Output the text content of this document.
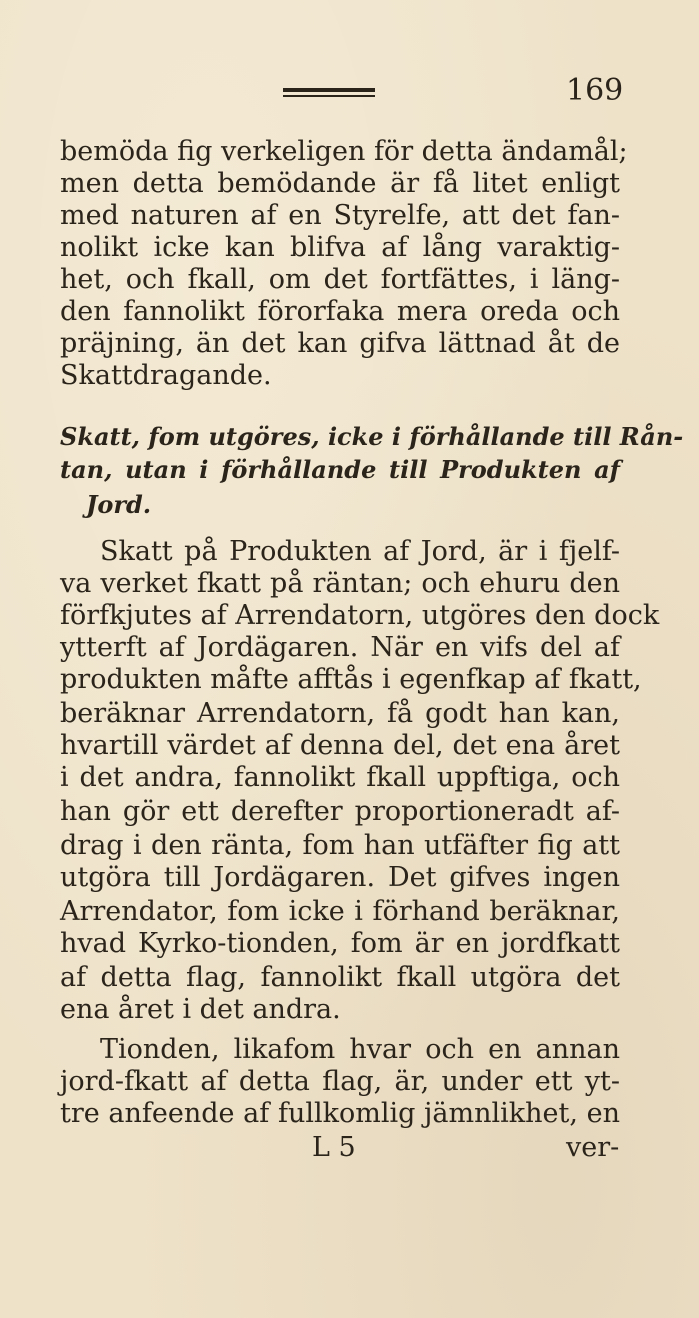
169
bemöda fig verkeligen för detta ändamål;
men detta bemödande är få litet enligt
med naturen af en Styrelfe, att det fan-
nolikt icke kan blifva af lång varaktig-
het, och fkall, om det fortfättes, i läng-
den fannolikt förorfaka mera oreda och
präjning, än det kan gifva lättnad åt de
Skattdragande.
Skatt, fom utgöres, icke i förhållande till Rån-
tan, utan i förhållande till Produkten af
Jord.
Skatt på Produkten af Jord, är i fjelf-
va verket fkatt på räntan; och ehuru den
förfkjutes af Arrendatorn, utgöres den dock
ytterft af Jordägaren. När en vifs del af
produkten måfte afftås i egenfkap af fkatt,
beräknar Arrendatorn, få godt han kan,
hvartill värdet af denna del, det ena året
i det andra, fannolikt fkall uppftiga, och
han gör ett derefter proportioneradt af-
drag i den ränta, fom han utfäfter fig att
utgöra till Jordägaren. Det gifves ingen
Arrendator, fom icke i förhand beräknar,
hvad Kyrko-tionden, fom är en jordfkatt
af detta flag, fannolikt fkall utgöra det
ena året i det andra.
Tionden, likafom hvar och en annan
jord-fkatt af detta flag, är, under ett yt-
tre anfeende af fullkomlig jämnlikhet, en
L 5	ver-
